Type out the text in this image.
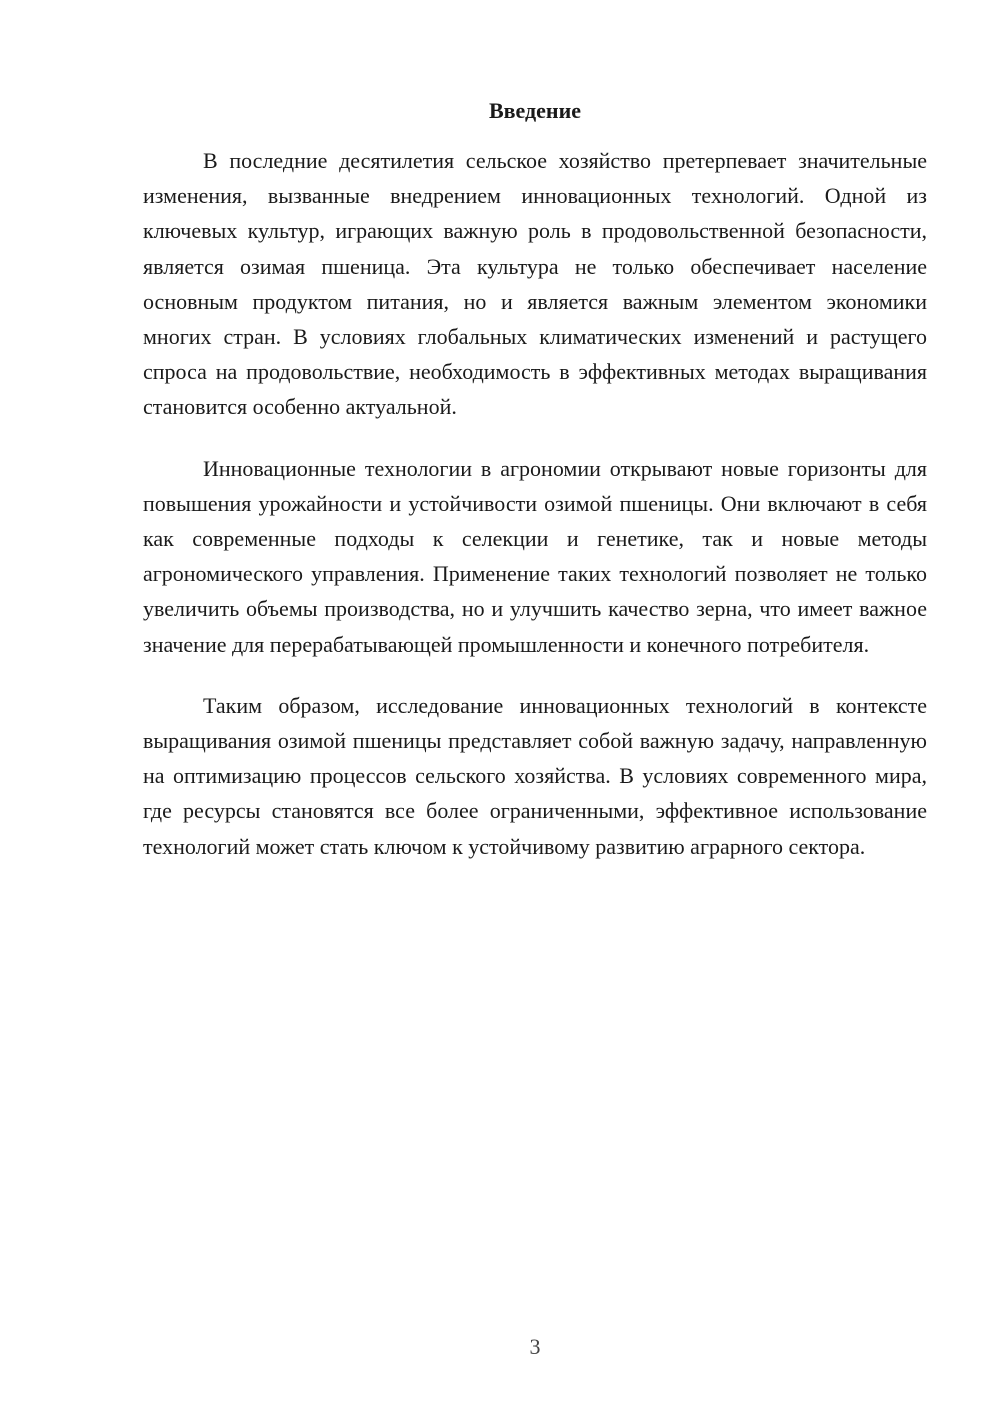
Введение

В последние десятилетия сельское хозяйство претерпевает значительные изменения, вызванные внедрением инновационных технологий. Одной из ключевых культур, играющих важную роль в продовольственной безопасности, является озимая пшеница. Эта культура не только обеспечивает население основным продуктом питания, но и является важным элементом экономики многих стран. В условиях глобальных климатических изменений и растущего спроса на продовольствие, необходимость в эффективных методах выращивания становится особенно актуальной.

Инновационные технологии в агрономии открывают новые горизонты для повышения урожайности и устойчивости озимой пшеницы. Они включают в себя как современные подходы к селекции и генетике, так и новые методы агрономического управления. Применение таких технологий позволяет не только увеличить объемы производства, но и улучшить качество зерна, что имеет важное значение для перерабатывающей промышленности и конечного потребителя.

Таким образом, исследование инновационных технологий в контексте выращивания озимой пшеницы представляет собой важную задачу, направленную на оптимизацию процессов сельского хозяйства. В условиях современного мира, где ресурсы становятся все более ограниченными, эффективное использование технологий может стать ключом к устойчивому развитию аграрного сектора.

3
